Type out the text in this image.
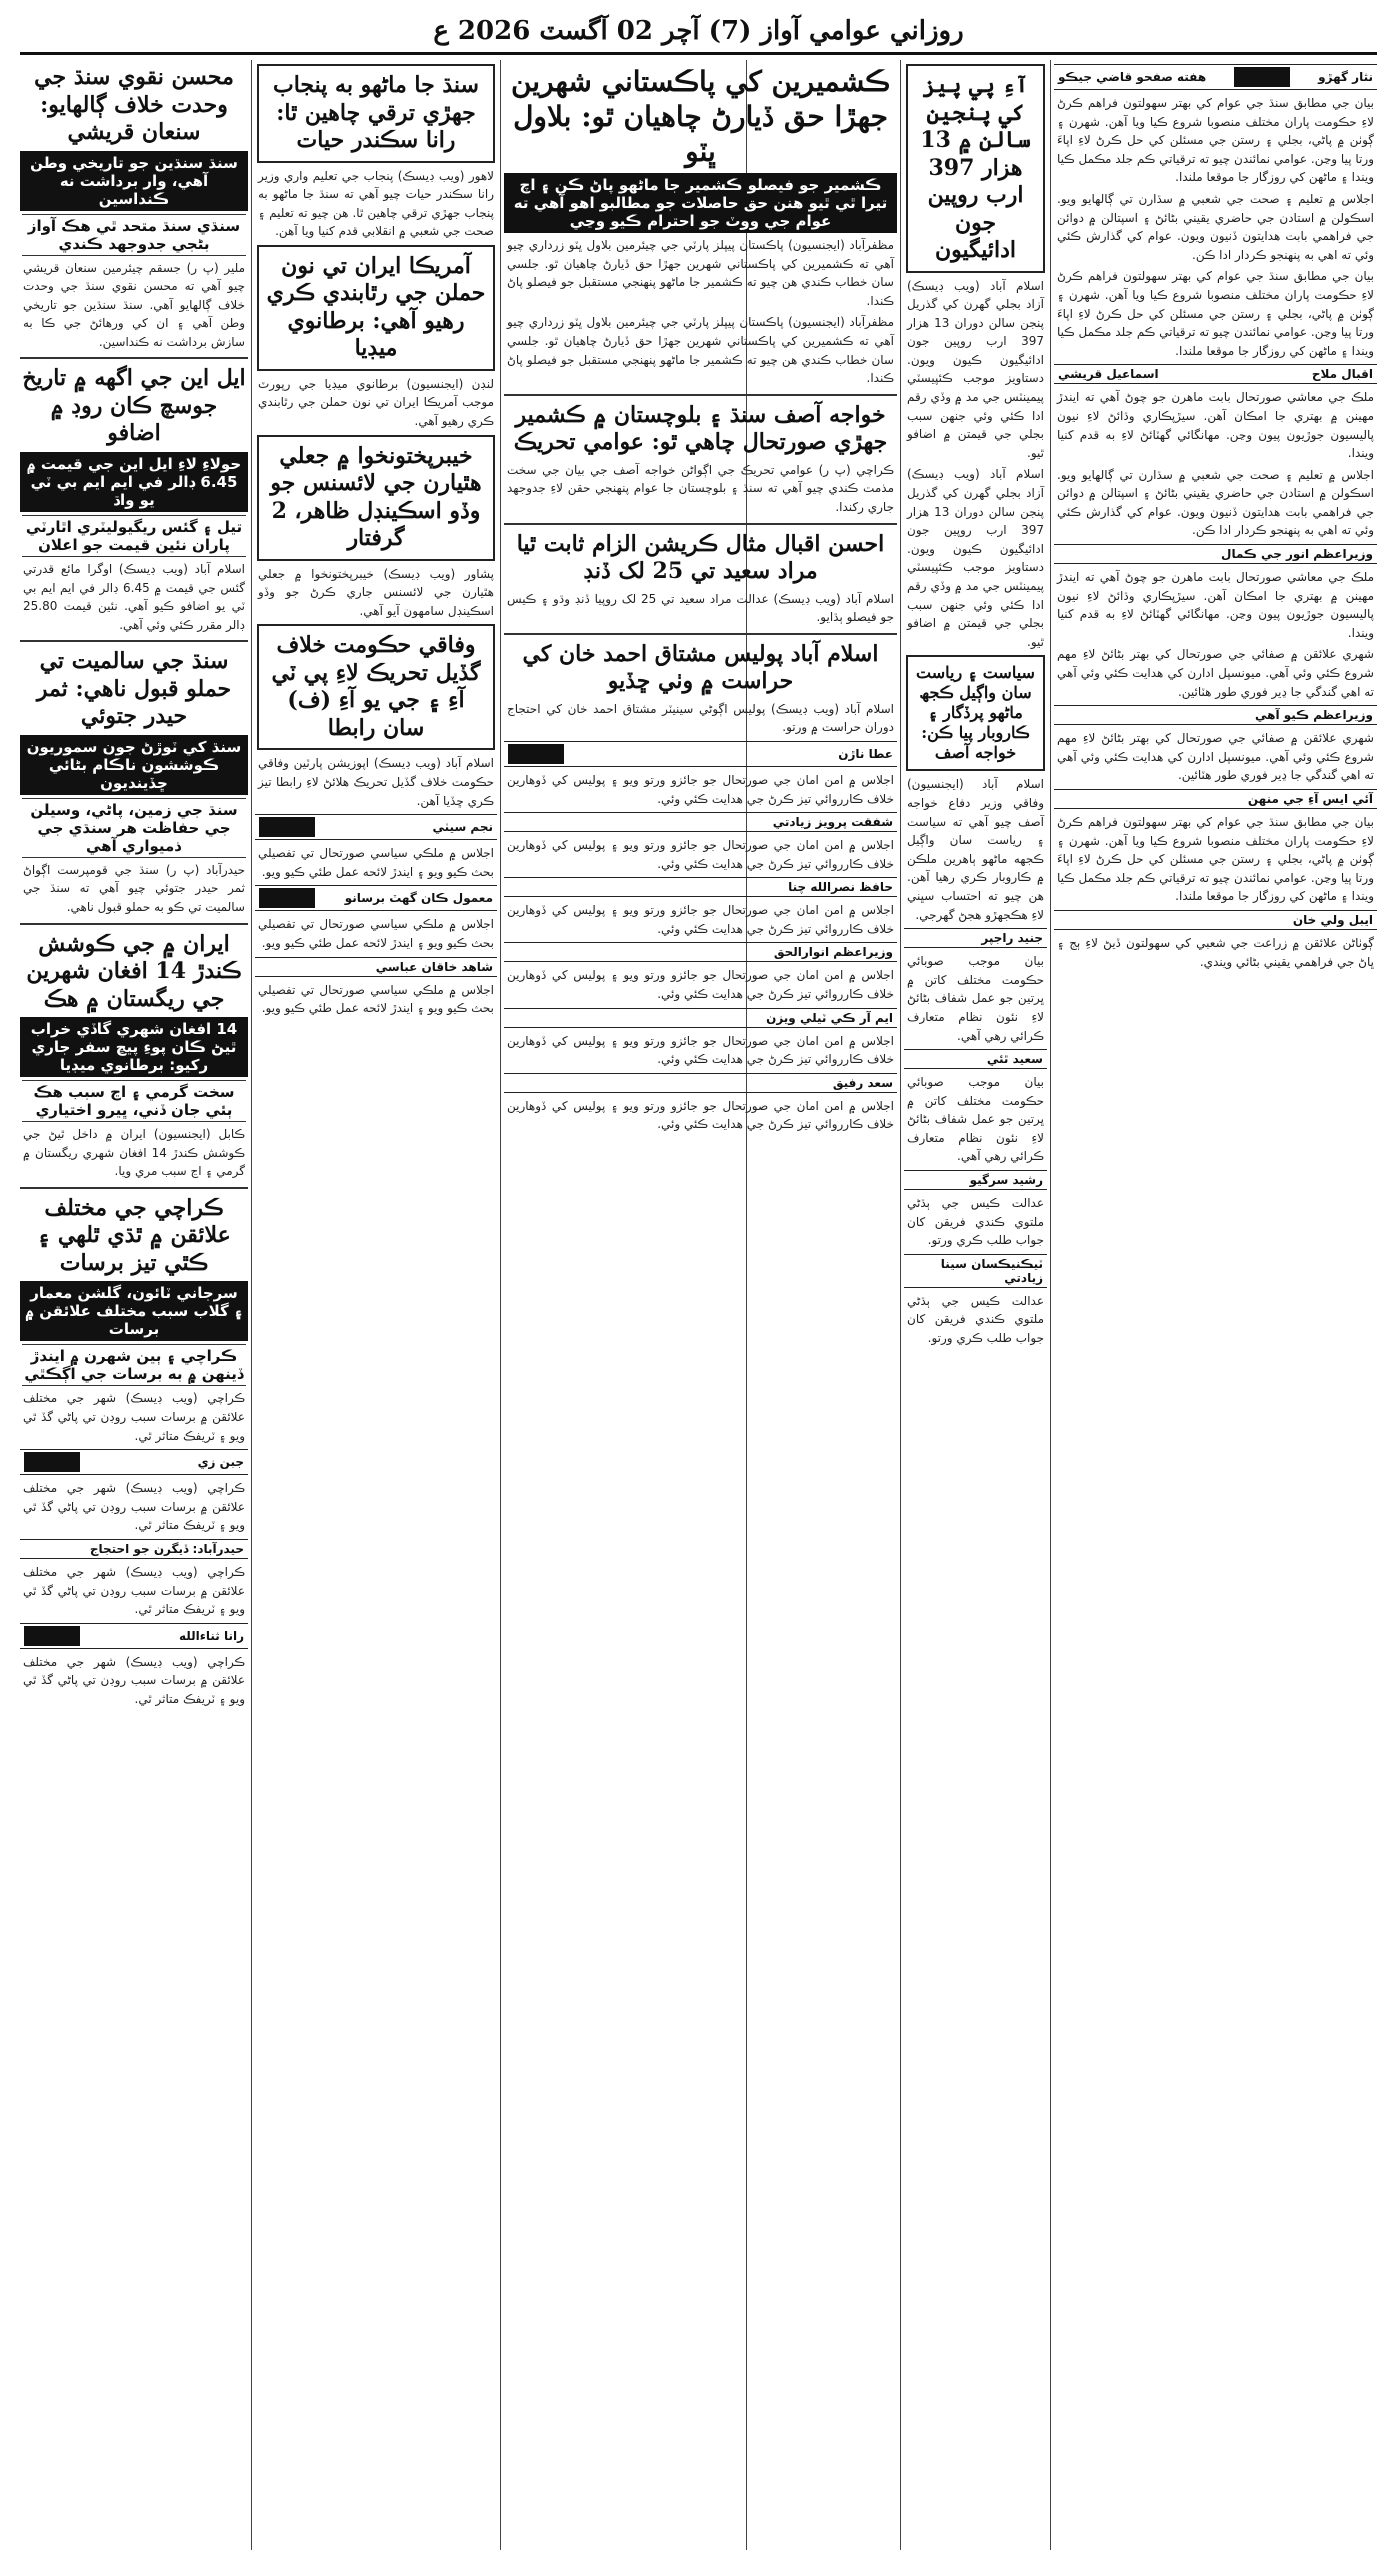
روزاني عوامي آواز (7) آچر 02 آگسٽ 2026 ع
نثار گهڙو
هفته صفحو قاضي جيڪو

بيان جي مطابق سنڌ جي عوام کي بهتر سهولتون فراهم ڪرڻ لاءِ حڪومت پاران مختلف منصوبا شروع ڪيا ويا آهن. شهرن ۽ ڳوٺن ۾ پاڻي، بجلي ۽ رستن جي مسئلن کي حل ڪرڻ لاءِ اپاءَ ورتا پيا وڃن. عوامي نمائندن چيو ته ترقياتي ڪم جلد مڪمل ڪيا ويندا ۽ ماڻهن کي روزگار جا موقعا ملندا.

اجلاس ۾ تعليم ۽ صحت جي شعبي ۾ سڌارن تي ڳالهايو ويو. اسڪولن ۾ استادن جي حاضري يقيني بڻائڻ ۽ اسپتالن ۾ دوائن جي فراهمي بابت هدايتون ڏنيون ويون. عوام کي گذارش ڪئي وئي ته اهي به پنهنجو ڪردار ادا ڪن.

بيان جي مطابق سنڌ جي عوام کي بهتر سهولتون فراهم ڪرڻ لاءِ حڪومت پاران مختلف منصوبا شروع ڪيا ويا آهن. شهرن ۽ ڳوٺن ۾ پاڻي، بجلي ۽ رستن جي مسئلن کي حل ڪرڻ لاءِ اپاءَ ورتا پيا وڃن. عوامي نمائندن چيو ته ترقياتي ڪم جلد مڪمل ڪيا ويندا ۽ ماڻهن کي روزگار جا موقعا ملندا.

اقبال ملاح
اسماعيل قريشي

ملڪ جي معاشي صورتحال بابت ماهرن جو چوڻ آهي ته ايندڙ مهينن ۾ بهتري جا امڪان آهن. سيڙپڪاري وڌائڻ لاءِ نيون پاليسيون جوڙيون پيون وڃن. مهانگائي گهٽائڻ لاءِ به قدم کنيا ويندا.

اجلاس ۾ تعليم ۽ صحت جي شعبي ۾ سڌارن تي ڳالهايو ويو. اسڪولن ۾ استادن جي حاضري يقيني بڻائڻ ۽ اسپتالن ۾ دوائن جي فراهمي بابت هدايتون ڏنيون ويون. عوام کي گذارش ڪئي وئي ته اهي به پنهنجو ڪردار ادا ڪن.

وزيراعظم انور جي ڪمال

ملڪ جي معاشي صورتحال بابت ماهرن جو چوڻ آهي ته ايندڙ مهينن ۾ بهتري جا امڪان آهن. سيڙپڪاري وڌائڻ لاءِ نيون پاليسيون جوڙيون پيون وڃن. مهانگائي گهٽائڻ لاءِ به قدم کنيا ويندا.

شهري علائقن ۾ صفائي جي صورتحال کي بهتر بڻائڻ لاءِ مهم شروع ڪئي وئي آهي. ميونسپل ادارن کي هدايت ڪئي وئي آهي ته اهي گندگي جا ڍير فوري طور هٽائين.

وزيراعظم ڪيو آهي

شهري علائقن ۾ صفائي جي صورتحال کي بهتر بڻائڻ لاءِ مهم شروع ڪئي وئي آهي. ميونسپل ادارن کي هدايت ڪئي وئي آهي ته اهي گندگي جا ڍير فوري طور هٽائين.

آئي ايس آءِ جي منهن

بيان جي مطابق سنڌ جي عوام کي بهتر سهولتون فراهم ڪرڻ لاءِ حڪومت پاران مختلف منصوبا شروع ڪيا ويا آهن. شهرن ۽ ڳوٺن ۾ پاڻي، بجلي ۽ رستن جي مسئلن کي حل ڪرڻ لاءِ اپاءَ ورتا پيا وڃن. عوامي نمائندن چيو ته ترقياتي ڪم جلد مڪمل ڪيا ويندا ۽ ماڻهن کي روزگار جا موقعا ملندا.

ايبل ولي خان

ڳوٺاڻن علائقن ۾ زراعت جي شعبي کي سهولتون ڏيڻ لاءِ ٻج ۽ ڀاڻ جي فراهمي يقيني بڻائي ويندي.

آءِ پي پيز کي پنجين سالن ۾ 13 هزار 397 ارب روپين جون ادائيگيون

اسلام آباد (ويب ڊيسڪ) آزاد بجلي گهرن کي گذريل پنجن سالن دوران 13 هزار 397 ارب روپين جون ادائيگيون ڪيون ويون. دستاويز موجب ڪئپيسٽي پيمينٽس جي مد ۾ وڏي رقم ادا ڪئي وئي جنهن سبب بجلي جي قيمتن ۾ اضافو ٿيو.

اسلام آباد (ويب ڊيسڪ) آزاد بجلي گهرن کي گذريل پنجن سالن دوران 13 هزار 397 ارب روپين جون ادائيگيون ڪيون ويون. دستاويز موجب ڪئپيسٽي پيمينٽس جي مد ۾ وڏي رقم ادا ڪئي وئي جنهن سبب بجلي جي قيمتن ۾ اضافو ٿيو.

سياست ۽ رياست سان واڳيل ڪجھ ماڻهو پرڏگار ۽ ڪاروبار پيا ڪن: خواجه آصف

اسلام آباد (ايجنسيون) وفاقي وزير دفاع خواجه آصف چيو آهي ته سياست ۽ رياست سان واڳيل ڪجهه ماڻهو ٻاهرين ملڪن ۾ ڪاروبار ڪري رهيا آهن. هن چيو ته احتساب سڀني لاءِ هڪجهڙو هجڻ گهرجي.

جنيد راجپر

بيان موجب صوبائي حڪومت مختلف کاتن ۾ ڀرتين جو عمل شفاف بڻائڻ لاءِ نئون نظام متعارف ڪرائي رهي آهي.

سعيد ٿئي

بيان موجب صوبائي حڪومت مختلف کاتن ۾ ڀرتين جو عمل شفاف بڻائڻ لاءِ نئون نظام متعارف ڪرائي رهي آهي.

رشيد سرگيو

عدالت ڪيس جي ٻڌڻي ملتوي ڪندي فريقن کان جواب طلب ڪري ورتو.

ٽيڪنيڪسان سينا زيادتي

عدالت ڪيس جي ٻڌڻي ملتوي ڪندي فريقن کان جواب طلب ڪري ورتو.

ڪشميرين کي پاڪستاني شهرين جهڙا حق ڏيارڻ چاهيان ٿو: بلاول ڀٽو
ڪشمير جو فيصلو ڪشمير جا ماڻهو پاڻ ڪن ۽ اچ تيرا ٿي ٿيو هنن حق حاصلات جو مطالبو اهو آهي ته عوام جي ووٽ جو احترام ڪيو وڃي

مظفرآباد (ايجنسيون) پاڪستان پيپلز پارٽي جي چيئرمين بلاول ڀٽو زرداري چيو آهي ته ڪشميرين کي پاڪستاني شهرين جهڙا حق ڏيارڻ چاهيان ٿو. جلسي سان خطاب ڪندي هن چيو ته ڪشمير جا ماڻهو پنهنجي مستقبل جو فيصلو پاڻ ڪندا.

مظفرآباد (ايجنسيون) پاڪستان پيپلز پارٽي جي چيئرمين بلاول ڀٽو زرداري چيو آهي ته ڪشميرين کي پاڪستاني شهرين جهڙا حق ڏيارڻ چاهيان ٿو. جلسي سان خطاب ڪندي هن چيو ته ڪشمير جا ماڻهو پنهنجي مستقبل جو فيصلو پاڻ ڪندا.

خواجه آصف سنڌ ۽ بلوچستان ۾ ڪشمير جهڙي صورتحال چاهي ٿو: عوامي تحريڪ

ڪراچي (پ ر) عوامي تحريڪ جي اڳواڻن خواجه آصف جي بيان جي سخت مذمت ڪندي چيو آهي ته سنڌ ۽ بلوچستان جا عوام پنهنجي حقن لاءِ جدوجهد جاري رکندا.

احسن اقبال مثال ڪريشن الزام ثابت ٿيا مراد سعيد تي 25 لک ڏنڊ

اسلام آباد (ويب ڊيسڪ) عدالت مراد سعيد تي 25 لک روپيا ڏنڊ وڌو ۽ ڪيس جو فيصلو ٻڌايو.

اسلام آباد پوليس مشتاق احمد خان کي حراست ۾ وٺي ڇڏيو

اسلام آباد (ويب ڊيسڪ) پوليس اڳوڻي سينيٽر مشتاق احمد خان کي احتجاج دوران حراست ۾ ورتو.

عطا ناڙن

اجلاس ۾ امن امان جي صورتحال جو جائزو ورتو ويو ۽ پوليس کي ڏوهارين خلاف ڪارروائي تيز ڪرڻ جي هدايت ڪئي وئي.

شفقت پرويز زيادتي

اجلاس ۾ امن امان جي صورتحال جو جائزو ورتو ويو ۽ پوليس کي ڏوهارين خلاف ڪارروائي تيز ڪرڻ جي هدايت ڪئي وئي.

حافظ نصرالله چنا

اجلاس ۾ امن امان جي صورتحال جو جائزو ورتو ويو ۽ پوليس کي ڏوهارين خلاف ڪارروائي تيز ڪرڻ جي هدايت ڪئي وئي.

وزيراعظم انوارالحق

اجلاس ۾ امن امان جي صورتحال جو جائزو ورتو ويو ۽ پوليس کي ڏوهارين خلاف ڪارروائي تيز ڪرڻ جي هدايت ڪئي وئي.

ايم آر ڪي ٽيلي ويزن

اجلاس ۾ امن امان جي صورتحال جو جائزو ورتو ويو ۽ پوليس کي ڏوهارين خلاف ڪارروائي تيز ڪرڻ جي هدايت ڪئي وئي.

سعد رفيق

اجلاس ۾ امن امان جي صورتحال جو جائزو ورتو ويو ۽ پوليس کي ڏوهارين خلاف ڪارروائي تيز ڪرڻ جي هدايت ڪئي وئي.

سنڌ جا ماڻهو به پنجاب جهڙي ترقي چاهين ٿا: رانا سڪندر حيات

لاهور (ويب ڊيسڪ) پنجاب جي تعليم واري وزير رانا سڪندر حيات چيو آهي ته سنڌ جا ماڻهو به پنجاب جهڙي ترقي چاهين ٿا. هن چيو ته تعليم ۽ صحت جي شعبي ۾ انقلابي قدم کنيا ويا آهن.

آمريڪا ايران تي نون حملن جي رٿابندي ڪري رهيو آهي: برطانوي ميڊيا

لنڊن (ايجنسيون) برطانوي ميڊيا جي رپورٽ موجب آمريڪا ايران تي نون حملن جي رٿابندي ڪري رهيو آهي.

خيبرپختونخوا ۾ جعلي هٿيارن جي لائسنس جو وڏو اسڪينڊل ظاهر، 2 گرفتار

پشاور (ويب ڊيسڪ) خيبرپختونخوا ۾ جعلي هٿيارن جي لائسنس جاري ڪرڻ جو وڏو اسڪينڊل سامهون آيو آهي.

وفاقي حڪومت خلاف گڏيل تحريڪ لاءِ پي ٽي آءِ ۽ جي يو آءِ (ف) سان رابطا

اسلام آباد (ويب ڊيسڪ) اپوزيشن پارٽين وفاقي حڪومت خلاف گڏيل تحريڪ هلائڻ لاءِ رابطا تيز ڪري ڇڏيا آهن.

نجم سيٺي

اجلاس ۾ ملڪي سياسي صورتحال تي تفصيلي بحث ڪيو ويو ۽ ايندڙ لائحه عمل طئي ڪيو ويو.

معمول ڪان گهٽ برسانو

اجلاس ۾ ملڪي سياسي صورتحال تي تفصيلي بحث ڪيو ويو ۽ ايندڙ لائحه عمل طئي ڪيو ويو.

شاهد خاقان عباسي

اجلاس ۾ ملڪي سياسي صورتحال تي تفصيلي بحث ڪيو ويو ۽ ايندڙ لائحه عمل طئي ڪيو ويو.

محسن نقوي سنڌ جي وحدت خلاف ڳالهايو: سنعان قريشي
سنڌ سنڌين جو تاريخي وطن آهي، وار برداشت نه ڪنداسين
سنڌي سنڌ متحد ٿي هڪ آواز بڻجي جدوجهد ڪندي

ملير (پ ر) جسقم چيئرمين سنعان قريشي چيو آهي ته محسن نقوي سنڌ جي وحدت خلاف ڳالهايو آهي. سنڌ سنڌين جو تاريخي وطن آهي ۽ ان کي ورهائڻ جي ڪا به سازش برداشت نه ڪنداسين.

ايل اين جي اگهه ۾ تاريخ جوسچ ڪان روڊ ۾ اضافو
حولاءِ لاءِ ايل اين جي قيمت ۾ 6.45 ڊالر في ايم ايم بي ٽي يو واڌ
تيل ۽ گئس ريگيوليٽري اٿارٽي پاران نئين قيمت جو اعلان

اسلام آباد (ويب ڊيسڪ) اوگرا مائع قدرتي گئس جي قيمت ۾ 6.45 ڊالر في ايم ايم بي ٽي يو اضافو ڪيو آهي. نئين قيمت 25.80 ڊالر مقرر ڪئي وئي آهي.

سنڌ جي سالميت تي حملو قبول ناهي: ثمر حيدر جتوئي
سنڌ کي ٽوڙڻ جون سموريون ڪوششون ناڪام بڻائي ڇڏينديون
سنڌ جي زمين، پاڻي، وسيلن جي حفاظت هر سنڌي جي ذميواري آهي

حيدرآباد (پ ر) سنڌ جي قومپرست اڳواڻ ثمر حيدر جتوئي چيو آهي ته سنڌ جي سالميت تي ڪو به حملو قبول ناهي.

ايران ۾ جي ڪوشش ڪندڙ 14 افغان شهرين جي ريگستان ۾ هڪ
14 افغان شهري گاڏي خراب ٿيڻ ڪان پوءِ پيڇ سفر جاري رکيو: برطانوي ميڊيا
سخت گرمي ۽ اڃ سبب هڪ ٻئي جان ڏني، ڀيرو اختياري

ڪابل (ايجنسيون) ايران ۾ داخل ٿيڻ جي ڪوشش ڪندڙ 14 افغان شهري ريگستان ۾ گرمي ۽ اڃ سبب مري ويا.

ڪراچي جي مختلف علائقن ۾ ٿڌي ٿلهي ۽ ڪٿي تيز برسات
سرجاني ٽائون، گلشن معمار ۽ گلاب سبب مختلف علائقن ۾ برسات
ڪراچي ۽ ٻين شهرن ۾ ايندڙ ڏينهن ۾ به برسات جي اڳڪٿي

ڪراچي (ويب ڊيسڪ) شهر جي مختلف علائقن ۾ برسات سبب روڊن تي پاڻي گڏ ٿي ويو ۽ ٽريفڪ متاثر ٿي.

جبن زي

ڪراچي (ويب ڊيسڪ) شهر جي مختلف علائقن ۾ برسات سبب روڊن تي پاڻي گڏ ٿي ويو ۽ ٽريفڪ متاثر ٿي.

حيدرآباد: ڏيگرن جو احتجاج

ڪراچي (ويب ڊيسڪ) شهر جي مختلف علائقن ۾ برسات سبب روڊن تي پاڻي گڏ ٿي ويو ۽ ٽريفڪ متاثر ٿي.

رانا ثناءالله

ڪراچي (ويب ڊيسڪ) شهر جي مختلف علائقن ۾ برسات سبب روڊن تي پاڻي گڏ ٿي ويو ۽ ٽريفڪ متاثر ٿي.
